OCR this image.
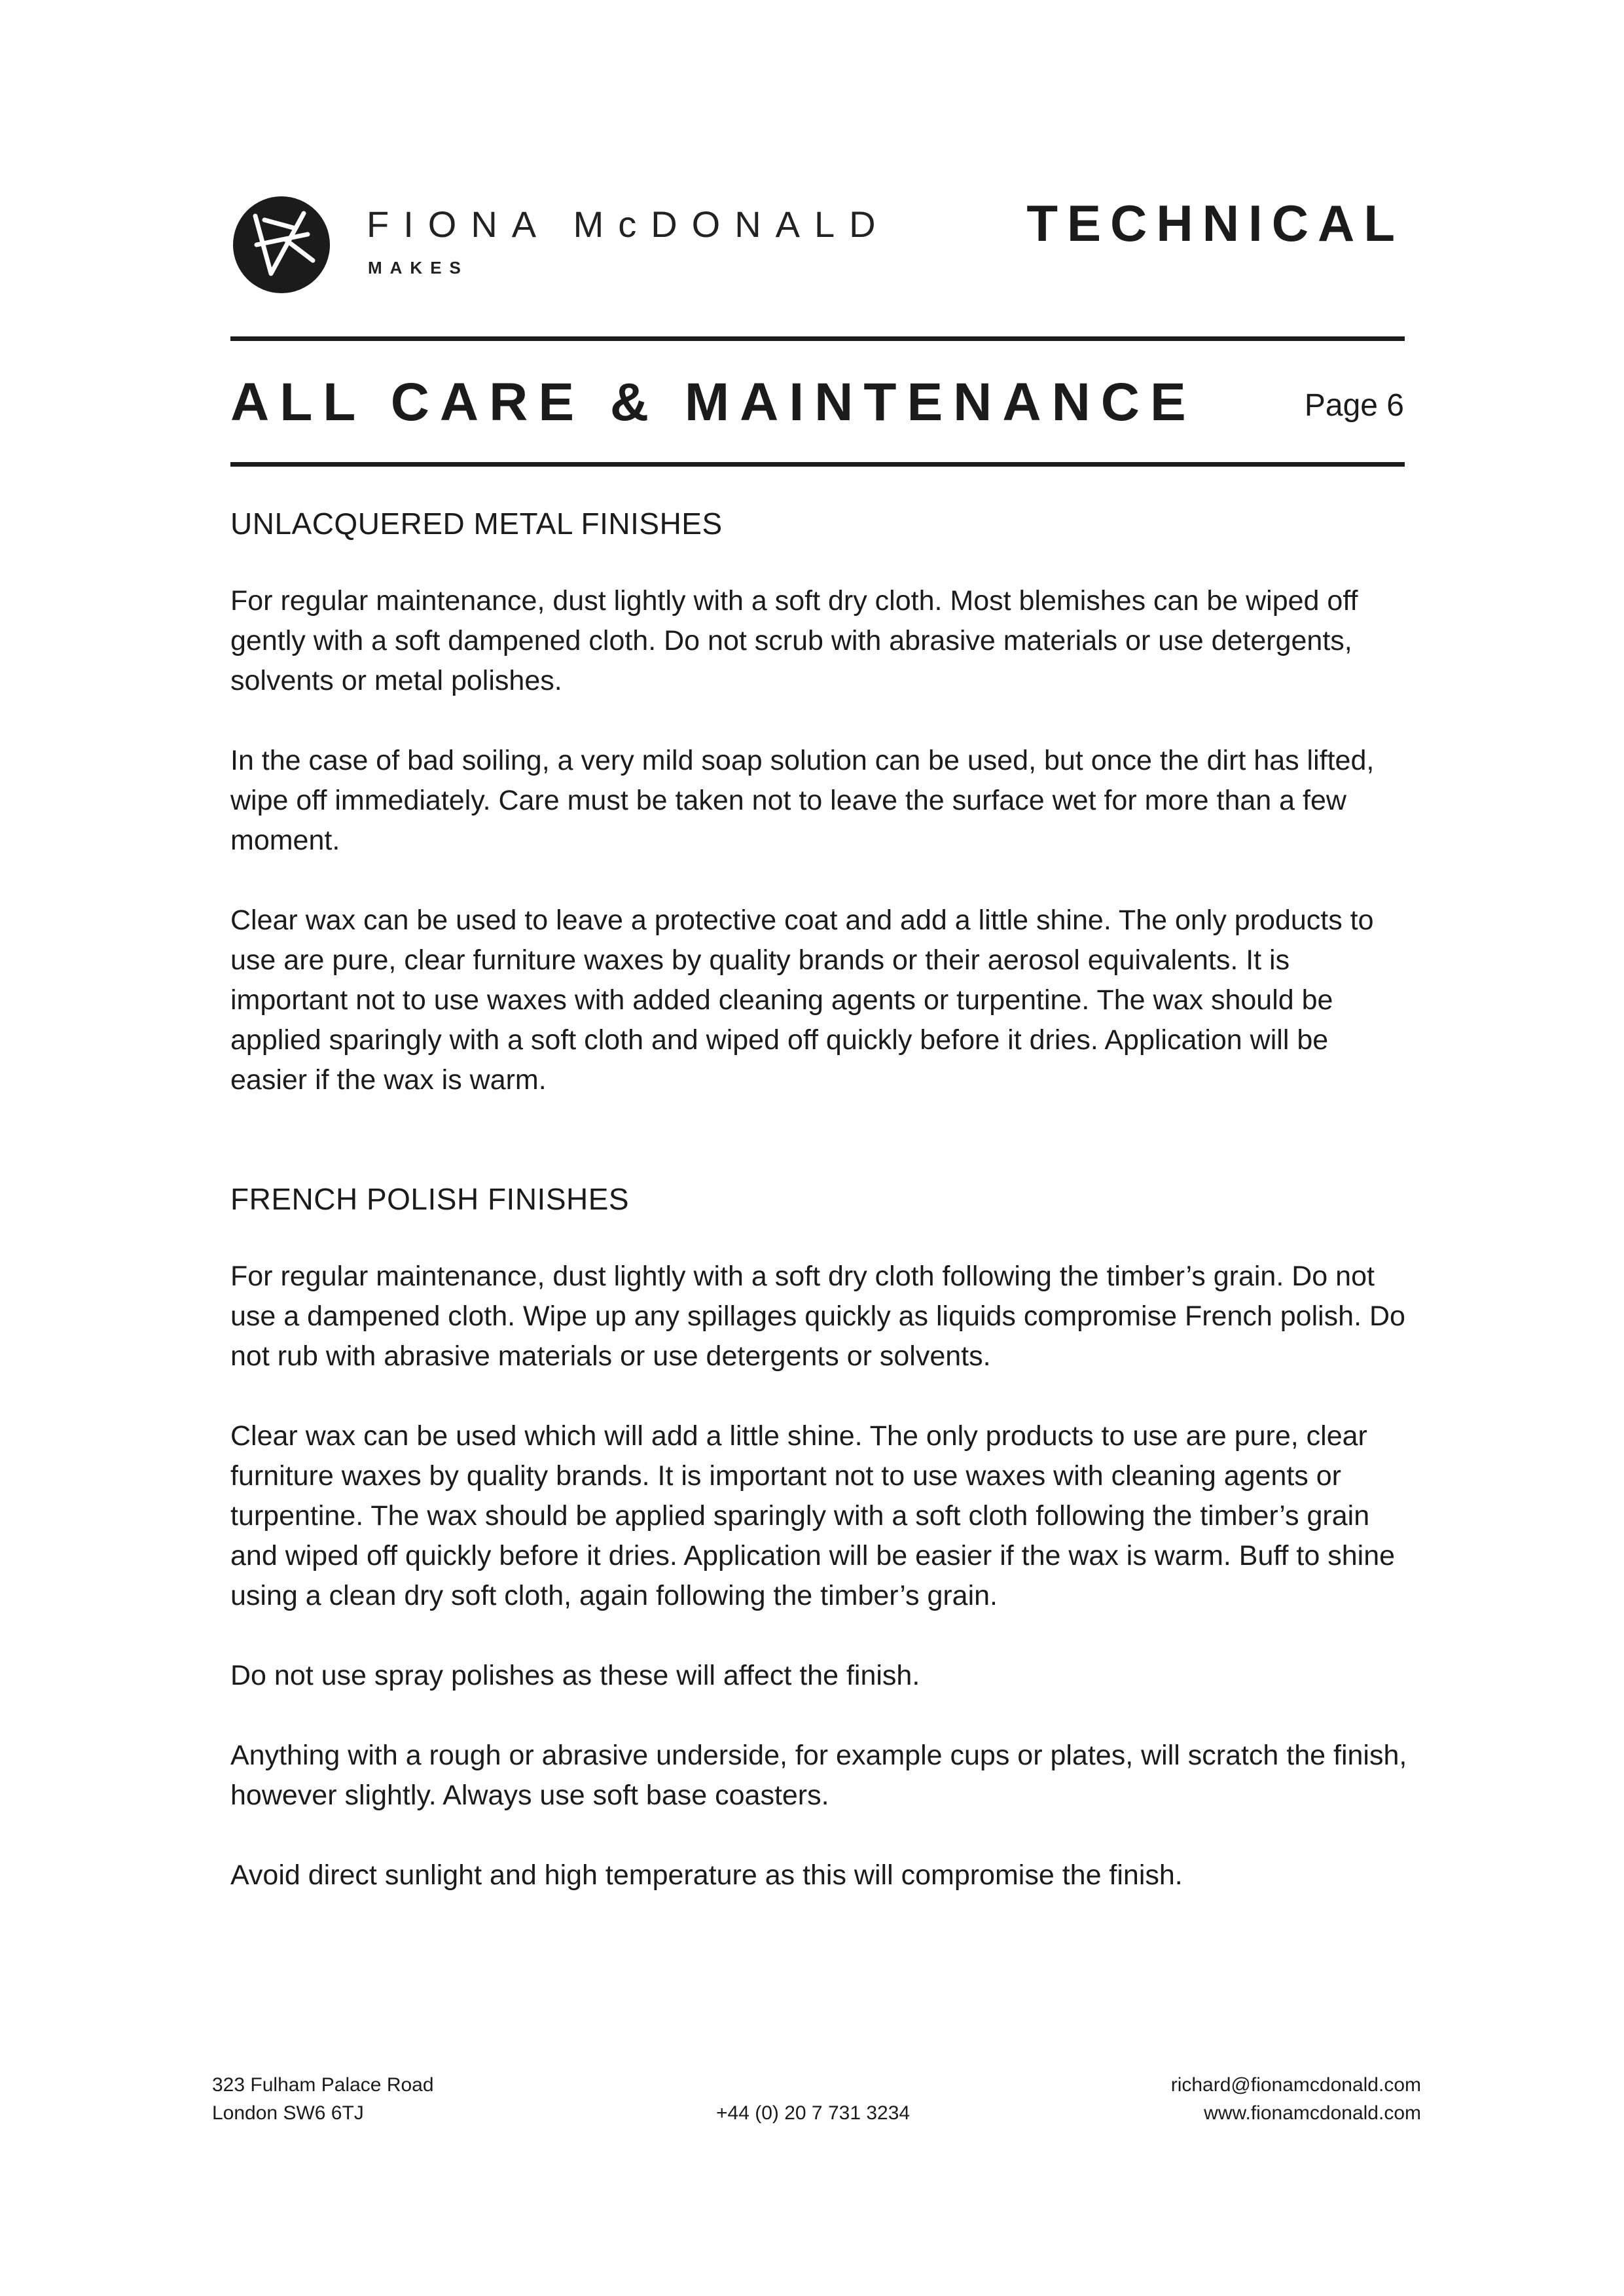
FIONA McDONALD
MAKES
TECHNICAL
ALL CARE & MAINTENANCE	Page 6
UNLACQUERED METAL FINISHES

For regular maintenance, dust lightly with a soft dry cloth. Most blemishes can be wiped off gently with a soft dampened cloth. Do not scrub with abrasive materials or use detergents, solvents or metal polishes.

In the case of bad soiling, a very mild soap solution can be used, but once the dirt has lifted, wipe off immediately. Care must be taken not to leave the surface wet for more than a few moment.

Clear wax can be used to leave a protective coat and add a little shine. The only products to use are pure, clear furniture waxes by quality brands or their aerosol equivalents. It is important not to use waxes with added cleaning agents or turpentine. The wax should be applied sparingly with a soft cloth and wiped off quickly before it dries. Application will be easier if the wax is warm.

FRENCH POLISH FINISHES

For regular maintenance, dust lightly with a soft dry cloth following the timber’s grain. Do not use a dampened cloth. Wipe up any spillages quickly as liquids compromise French polish. Do not rub with abrasive materials or use detergents or solvents.

Clear wax can be used which will add a little shine. The only products to use are pure, clear furniture waxes by quality brands. It is important not to use waxes with cleaning agents or turpentine. The wax should be applied sparingly with a soft cloth following the timber’s grain and wiped off quickly before it dries. Application will be easier if the wax is warm. Buff to shine using a clean dry soft cloth, again following the timber’s grain.

Do not use spray polishes as these will affect the finish.

Anything with a rough or abrasive underside, for example cups or plates, will scratch the finish, however slightly. Always use soft base coasters.

Avoid direct sunlight and high temperature as this will compromise the finish.

323 Fulham Palace Road
London SW6 6TJ	+44 (0) 20 7 731 3234
richard@fionamcdonald.com
www.fionamcdonald.com
